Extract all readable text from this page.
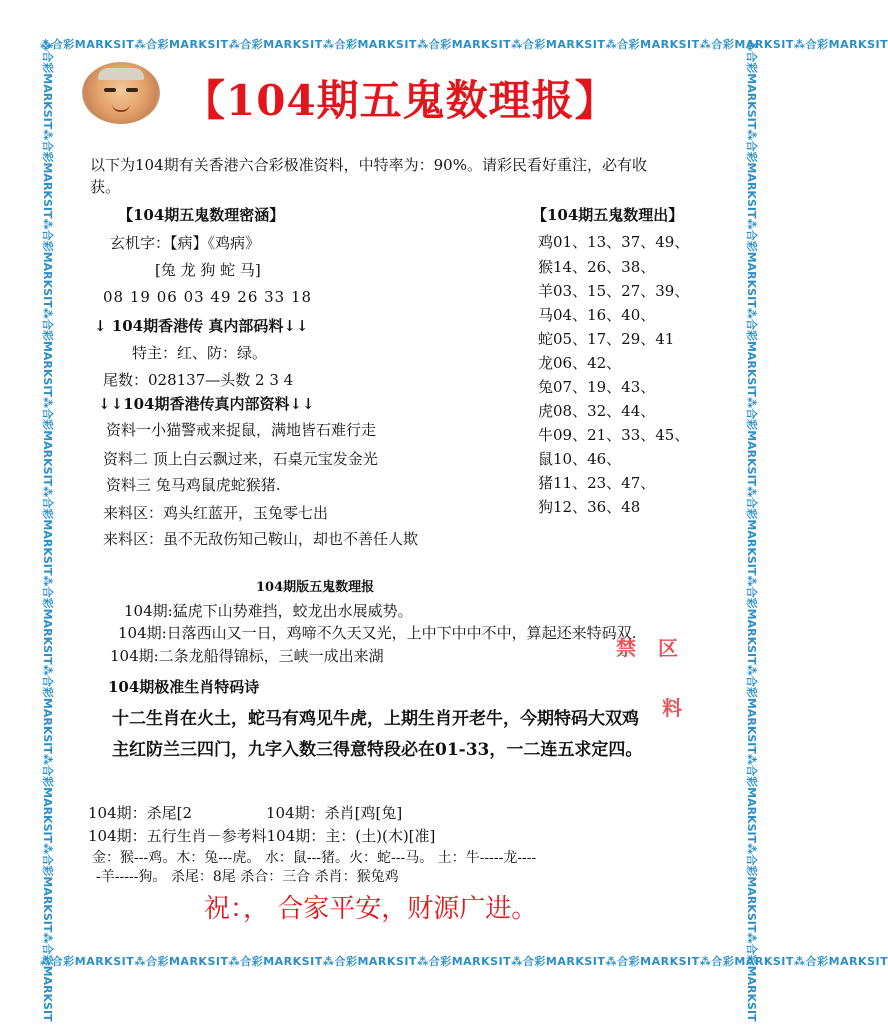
⁂合彩MARKSIT⁂合彩MARKSIT⁂合彩MARKSIT⁂合彩MARKSIT⁂合彩MARKSIT⁂合彩MARKSIT⁂合彩MARKSIT⁂合彩MARKSIT⁂合彩MARKSIT
⁂合彩MARKSIT⁂合彩MARKSIT⁂合彩MARKSIT⁂合彩MARKSIT⁂合彩MARKSIT⁂合彩MARKSIT⁂合彩MARKSIT⁂合彩MARKSIT⁂合彩MARKSIT
⁂合彩MARKSIT⁂合彩MARKSIT⁂合彩MARKSIT⁂合彩MARKSIT⁂合彩MARKSIT⁂合彩MARKSIT⁂合彩MARKSIT⁂合彩MARKSIT⁂合彩MARKSIT⁂合彩MARKSIT⁂合彩MARKSIT
⁂合彩MARKSIT⁂合彩MARKSIT⁂合彩MARKSIT⁂合彩MARKSIT⁂合彩MARKSIT⁂合彩MARKSIT⁂合彩MARKSIT⁂合彩MARKSIT⁂合彩MARKSIT⁂合彩MARKSIT⁂合彩MARKSIT
【104期五鬼数理报】
以下为104期有关香港六合彩极准资料，中特率为：90%。请彩民看好重注，必有收
获。
【104期五鬼数理密涵】
玄机字：【病】《鸡病》
[兔 龙 狗 蛇 马]
08 19 06 03 49 26 33 18
↓ 104期香港传 真内部码料↓↓
特主：红、防：绿。
尾数：028137—头数 2 3 4
↓↓104期香港传真内部资料↓↓
资料一小猫警戒来捉鼠，满地皆石难行走
资料二 顶上白云飘过来，石桌元宝发金光
资料三 兔马鸡鼠虎蛇猴猪.
来料区：鸡头红蓝开，玉兔零七出
来料区：虽不无敌伤知己鞍山，却也不善任人欺
【104期五鬼数理出】
鸡01、13、37、49、
猴14、26、38、
羊03、15、27、39、
马04、16、40、
蛇05、17、29、41
龙06、42、
兔07、19、43、
虎08、32、44、
牛09、21、33、45、
鼠10、46、
猪11、23、47、
狗12、36、48
104期版五鬼数理报
104期:猛虎下山势难挡，蛟龙出水展威势。
104期:日落西山又一日，鸡啼不久天又光，上中下中中不中，算起还来特码双.
104期:二条龙船得锦标，三峡一成出来湖	禁 区
料
104期极准生肖特码诗
十二生肖在火土，蛇马有鸡见牛虎，上期生肖开老牛，今期特码大双鸡
主红防兰三四门，九字入数三得意特段必在01-33，一二连五求定四。
104期：杀尾[2	104期：杀肖[鸡[兔]
104期：五行生肖－参考料104期：主：(土)(木)[准]
金：猴---鸡。木：兔---虎。 水：鼠---猪。火：蛇---马。 土：牛-----龙----
-羊-----狗。 杀尾：8尾 杀合：三合 杀肖：猴兔鸡
祝：， 合家平安，财源广进。
